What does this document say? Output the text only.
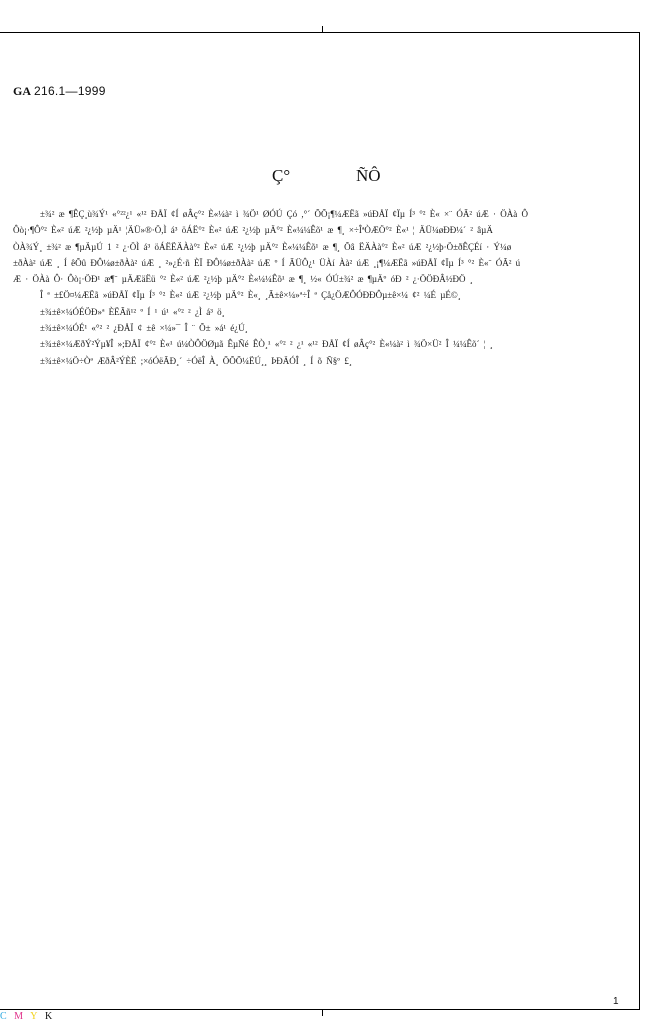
GA 216.1—1999
Ç°	ÑÔ

±¾² æ ¶ÊÇ¸ù¾Ý¹ «°²²¿¹ «¹² ÐÅÏ ¢Í øÂç°² È«¼à² ì ¾Ö¹ ØÓÚ Çó ,°´ ÕÕ¡¶¼ÆËã »úÐÅÏ ¢Ïµ Í³ °² È« ×¨ ÓÃ² úÆ · ÖÀà Ô

Ôò¡·¶Ô°² È«² úÆ ²¿½þ µÄ¹ ¦ÄÜ»®·Ö,Ì á³ öÁË°² È«² úÆ ²¿½þ µÄ°² È«¼¼Êõ¹ æ ¶¸ ×÷ÎªÒÆÖ°² È«¹ ¦ ÄÜ¼øÐÐ¼´ ² âµÄ

ÒÀ¾Ý¸ ±¾² æ ¶µÄµÚ 1 ² ¿·ÖÌ á³ öÁËËÄÀà°² È«² úÆ ²¿½þ µÄ°² È«¼¼Êõ¹ æ ¶¸ Õâ ËÄÀà°² È«² úÆ ²¿½þ·Ö±ðÊÇÉí · Ý¼ø

±ðÀà² úÆ ¸ Í êÕû ÐÔ¼ø±ðÀà² úÆ ¸ ²»¿É·ñ ÈÏ ÐÔ¼ø±ðÀà² úÆ º Í ÃÜÔ¿¹ ÜÀí Àà² úÆ ¸¡¶¼ÆËã »úÐÅÏ ¢Ïµ Í³ °² È«¨ ÓÃ² ú

Æ · ÖÀà Ô· Ôò¡·ÖÐ¹ æ¶¨ µÄÆäËü °² È«² úÆ ²¿½þ µÄ°² È«¼¼Êõ¹ æ ¶¸ ½« ÓÚ±¾² æ ¶µÄº óÐ ² ¿·ÖÖÐÂ½ÐÖ ¸

Î ª ±£Ö¤¼ÆËã »úÐÅÏ ¢Ïµ Í³ °² È«² úÆ ²¿½þ µÄ°² È«¸ ¸Ã±ê×¼»ª÷Î ª Çå¿ÖÆÔÓÐÐÔµ±ê×¼ ¢² ¼É µÉ©¸

±¾±ê×¼ÓÉÖÐ»ª ÈËÃñ¹² º Í ¹ ú¹ «°² ² ¿Ì á³ ö¸

±¾±ê×¼ÓÉ¹ «°² ² ¿ÐÅÏ ¢ ±ê ×¼»¯ Î ¨ Õ± »á¹ é¿Ú¸

±¾±ê×¼ÆðÝ²Ýµ¥Î »;ÐÅÏ ¢°² È«¹ ú¼ÒÔÖØµã ÊµÑé ÊÒ¸¹ «°² ² ¿¹ «¹² ÐÅÏ ¢Í øÂç°² È«¼à² ì ¾Ö×Ü² Î ¼¼Êõ´ ¦ ¸

±¾±ê×¼Ö÷Òª ÆðÂ²ÝÈË ;×óÓëÃÐ¸´ ÷ÓëÎ À¸ ÕÕÕ¼ËÚ¸¸ ÞÐÄÓÎ ¸ Í õ Ñ§º £¸

1
C M Y K
